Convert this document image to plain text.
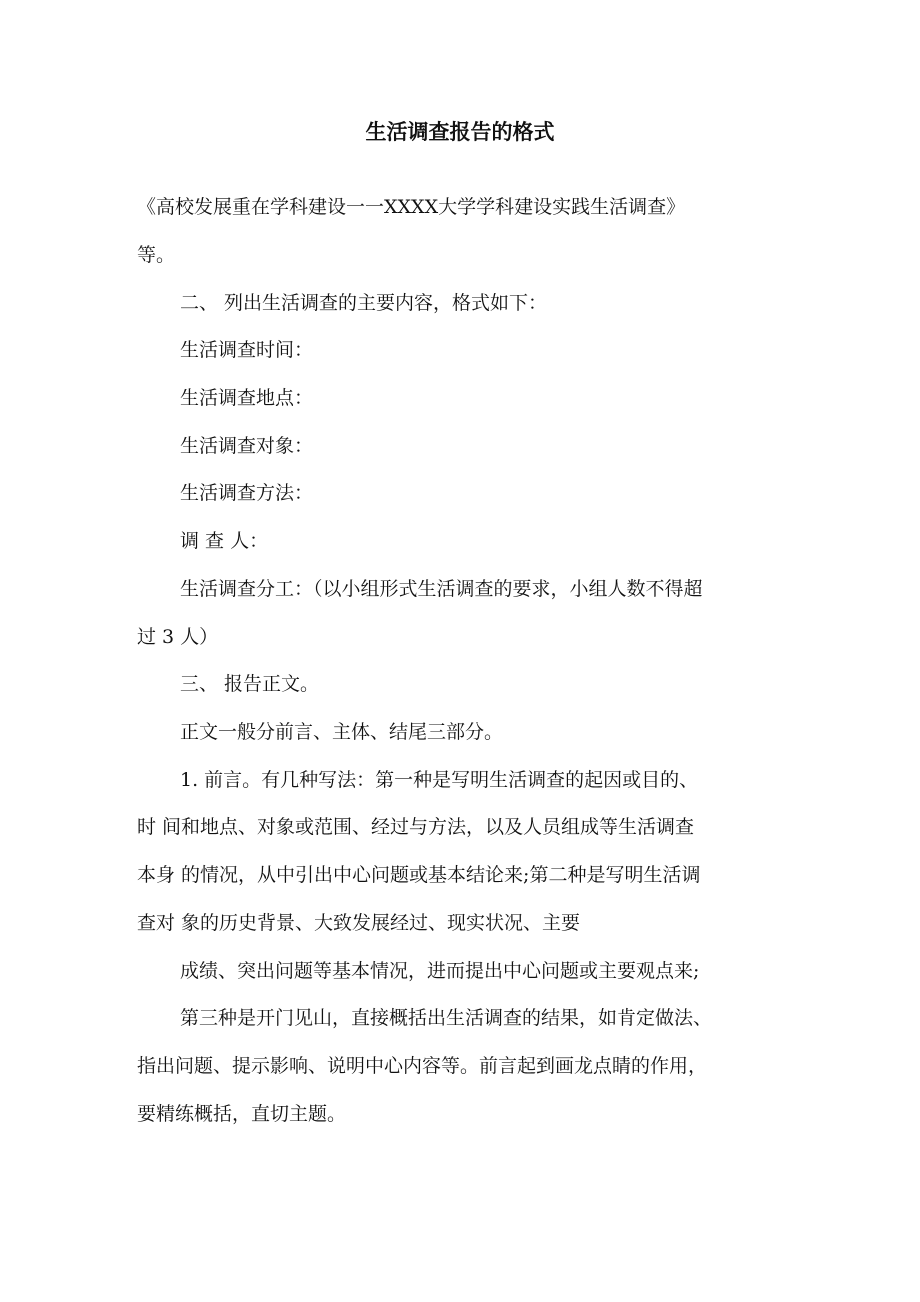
生活调查报告的格式

《高校发展重在学科建设一一XXXX大学学科建设实践生活调查》

等。

二、 列出生活调查的主要内容，格式如下：

生活调查时间：

生活调查地点：

生活调查对象：

生活调查方法：

调 查 人：

生活调查分工：（以小组形式生活调查的要求，小组人数不得超

过 3 人）

三、 报告正文。

正文一般分前言、主体、结尾三部分。

1. 前言。有几种写法：第一种是写明生活调查的起因或目的、

时 间和地点、对象或范围、经过与方法，以及人员组成等生活调查

本身 的情况，从中引出中心问题或基本结论来;第二种是写明生活调

查对 象的历史背景、大致发展经过、现实状况、主要

成绩、突出问题等基本情况，进而提出中心问题或主要观点来;

第三种是开门见山，直接概括出生活调查的结果，如肯定做法、

指出问题、提示影响、说明中心内容等。前言起到画龙点睛的作用，

要精练概括，直切主题。
